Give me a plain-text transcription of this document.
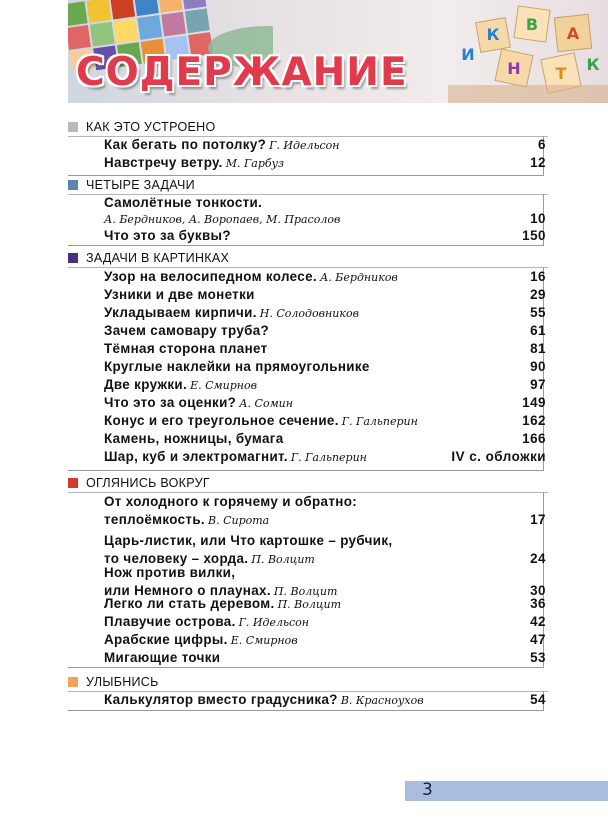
К
В А
Н Т
И
К
СОДЕРЖАНИЕ
КАК ЭТО УСТРОЕНО
Как бегать по потолку? Г. Идельсон	6
Навстречу ветру. М. Гарбуз	12
ЧЕТЫРЕ ЗАДАЧИ
Самолётные тонкости.
А. Бердников, А. Воропаев, М. Прасолов	10
Что это за буквы?	150
ЗАДАЧИ В КАРТИНКАХ
Узор на велосипедном колесе. А. Бердников	16
Узники и две монетки	29
Укладываем кирпичи. Н. Солодовников	55
Зачем самовару труба?	61
Тёмная сторона планет	81
Круглые наклейки на прямоугольнике	90
Две кружки. Е. Смирнов	97
Что это за оценки? А. Сомин	149
Конус и его треугольное сечение. Г. Гальперин	162
Камень, ножницы, бумага	166
Шар, куб и электромагнит. Г. Гальперин	IV с. обложки
ОГЛЯНИСЬ ВОКРУГ
От холодного к горячему и обратно:
теплоёмкость. В. Сирота	17
Царь-листик, или Что картошке – рубчик,
то человеку – хорда. П. Волцит	24
Нож против вилки,
или Немного о плаунах. П. Волцит	30
Легко ли стать деревом. П. Волцит	36
Плавучие острова. Г. Идельсон	42
Арабские цифры. Е. Смирнов	47
Мигающие точки	53
УЛЫБНИСЬ
Калькулятор вместо градусника? В. Красноухов	54
3
